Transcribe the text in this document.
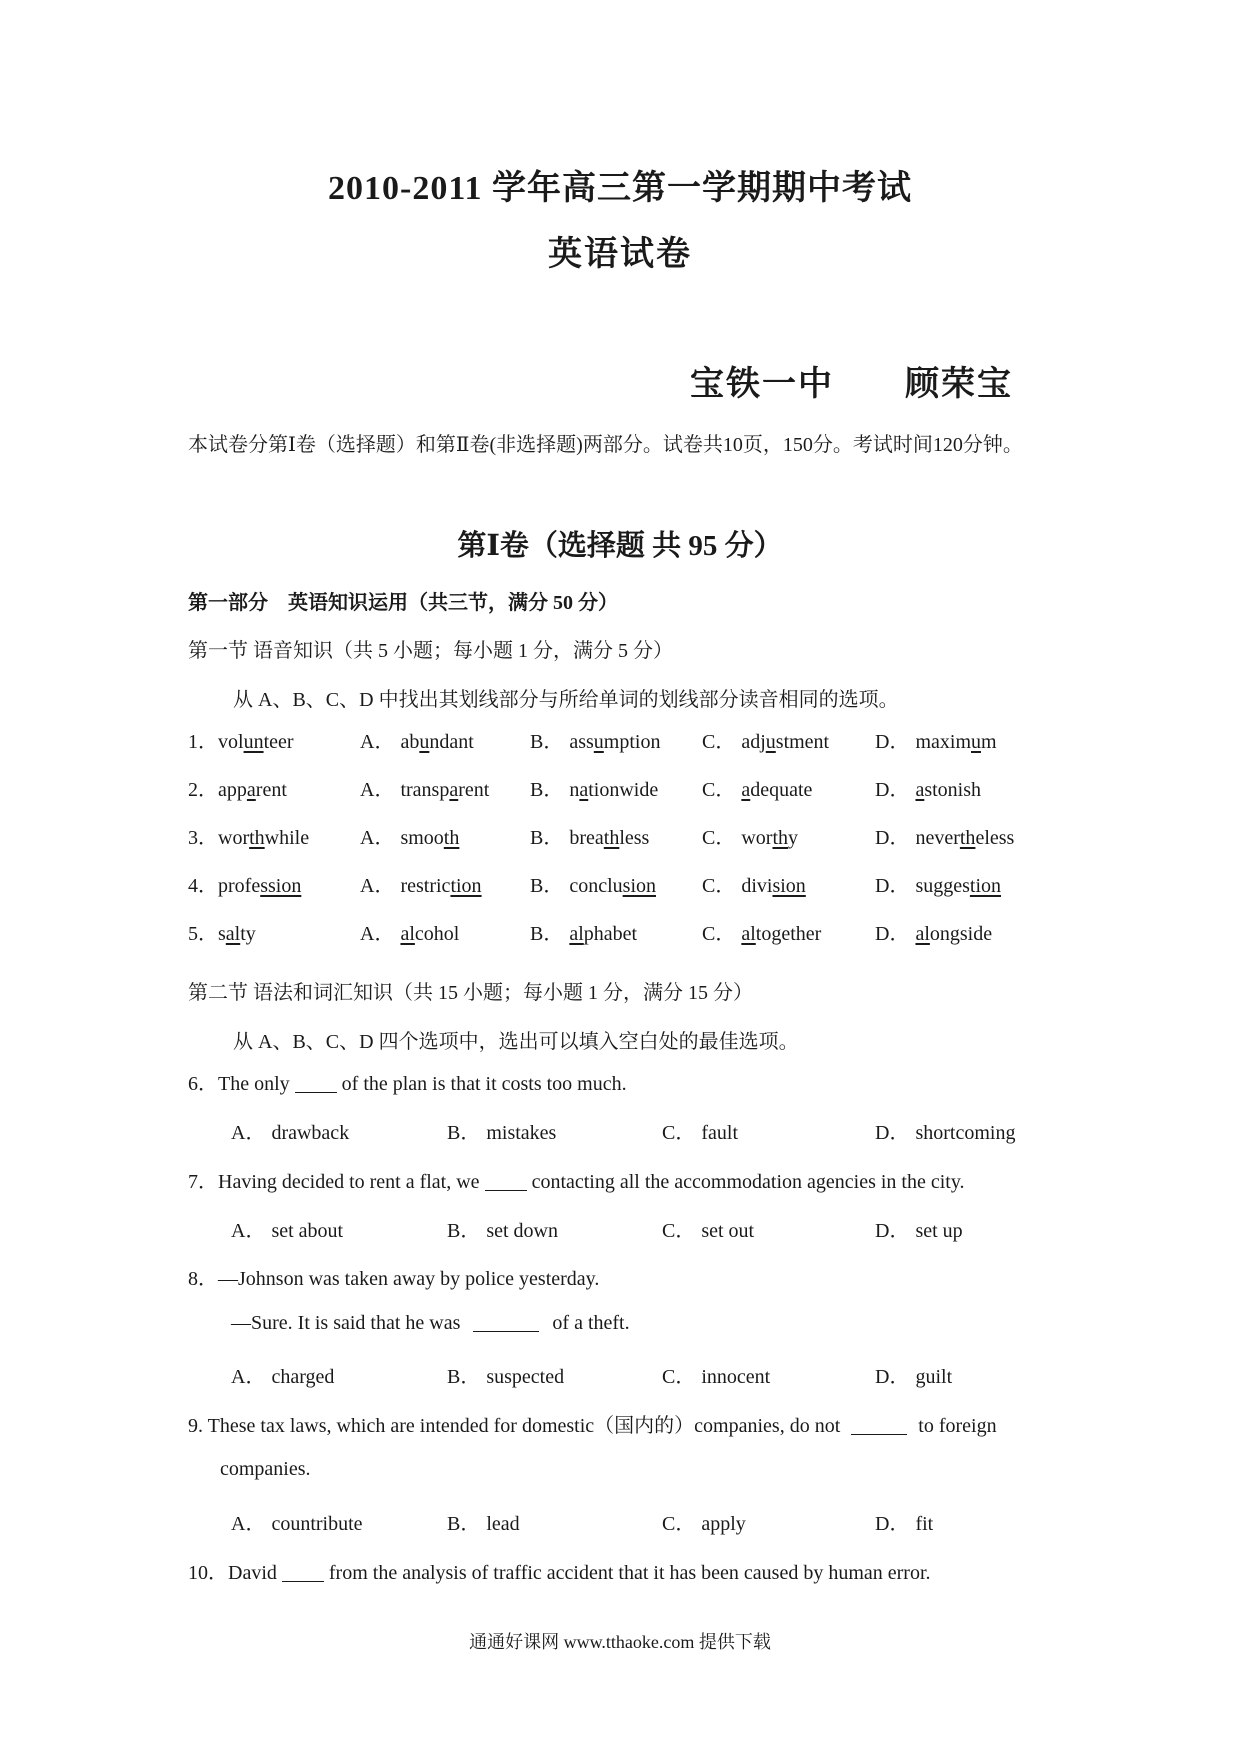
2010-2011 学年高三第一学期期中考试
英语试卷
宝铁一中 顾荣宝
本试卷分第Ⅰ卷（选择题）和第Ⅱ卷(非选择题)两部分。试卷共10页，150分。考试时间120分钟。
第Ⅰ卷（选择题 共 95 分）
第一部分　英语知识运用（共三节，满分 50 分）
第一节 语音知识（共 5 小题；每小题 1 分，满分 5 分）
从 A、B、C、D 中找出其划线部分与所给单词的划线部分读音相同的选项。
1．volunteer	A． abundant	B． assumption C． adjustment D． maximum
2．apparent	A． transparent B． nationwide C． adequate	D． astonish
3．worthwhile	A． smooth	B． breathless	C． worthy	D． nevertheless
4．profession	A． restriction B． conclusion C． division	D． suggestion
5．salty	A． alcohol	B． alphabet	C． altogether	D． alongside
第二节 语法和词汇知识（共 15 小题；每小题 1 分，满分 15 分）
从 A、B、C、D 四个选项中，选出可以填入空白处的最佳选项。
6．The only	of the plan is that it costs too much.
A． drawback	B． mistakes	C． fault	D． shortcoming
7．Having decided to rent a flat, we	contacting all the accommodation agencies in the city.
A． set about	B． set down	C． set out	D． set up
8．—Johnson was taken away by police yesterday.
—Sure. It is said that he was	of a theft.
A． charged	B． suspected	C． innocent	D． guilt
9. These tax laws, which are intended for domestic（国内的）companies, do not	to foreign
companies.
A． countribute	B． lead	C． apply	D． fit
10．David	from the analysis of traffic accident that it has been caused by human error.
通通好课网 www.tthaoke.com 提供下载
